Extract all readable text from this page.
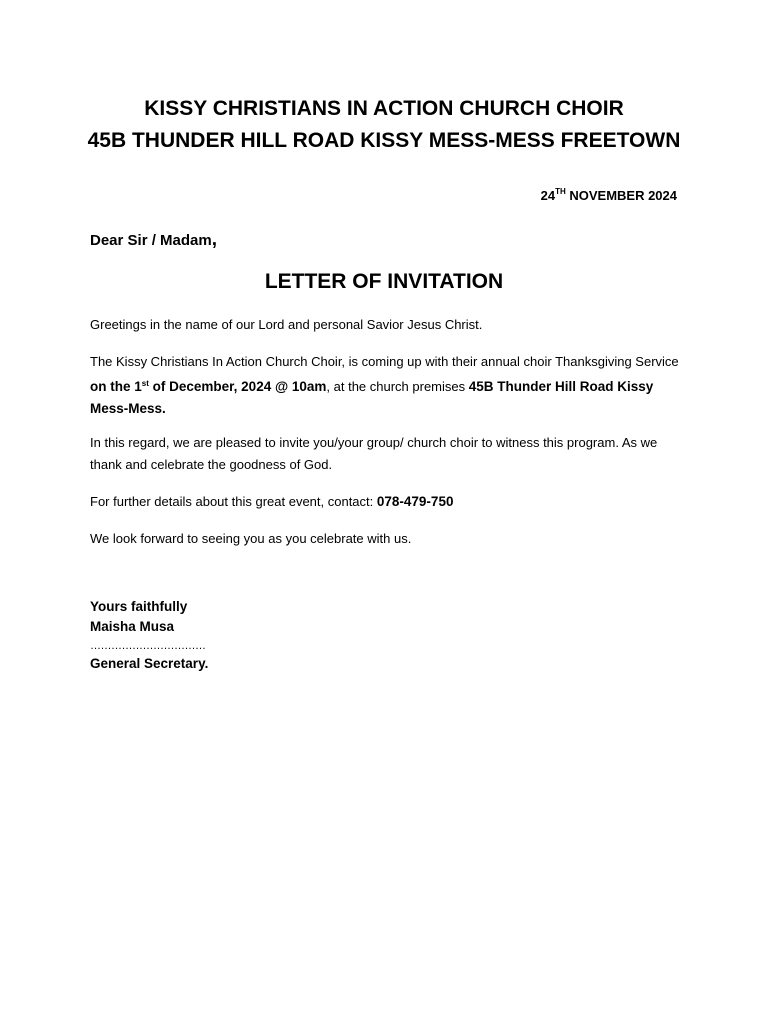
KISSY CHRISTIANS IN ACTION CHURCH CHOIR
45B THUNDER HILL ROAD KISSY MESS-MESS FREETOWN
24TH NOVEMBER 2024
Dear Sir / Madam,
LETTER OF INVITATION
Greetings in the name of our Lord and personal Savior Jesus Christ.
The Kissy Christians In Action Church Choir, is coming up with their annual choir Thanksgiving Service on the 1st of December, 2024 @ 10am, at the church premises 45B Thunder Hill Road Kissy Mess-Mess.
In this regard, we are pleased to invite you/your group/ church choir to witness this program. As we thank and celebrate the goodness of God.
For further details about this great event, contact: 078-479-750
We look forward to seeing you as you celebrate with us.
Yours faithfully
Maisha Musa
……………………………
General Secretary.
